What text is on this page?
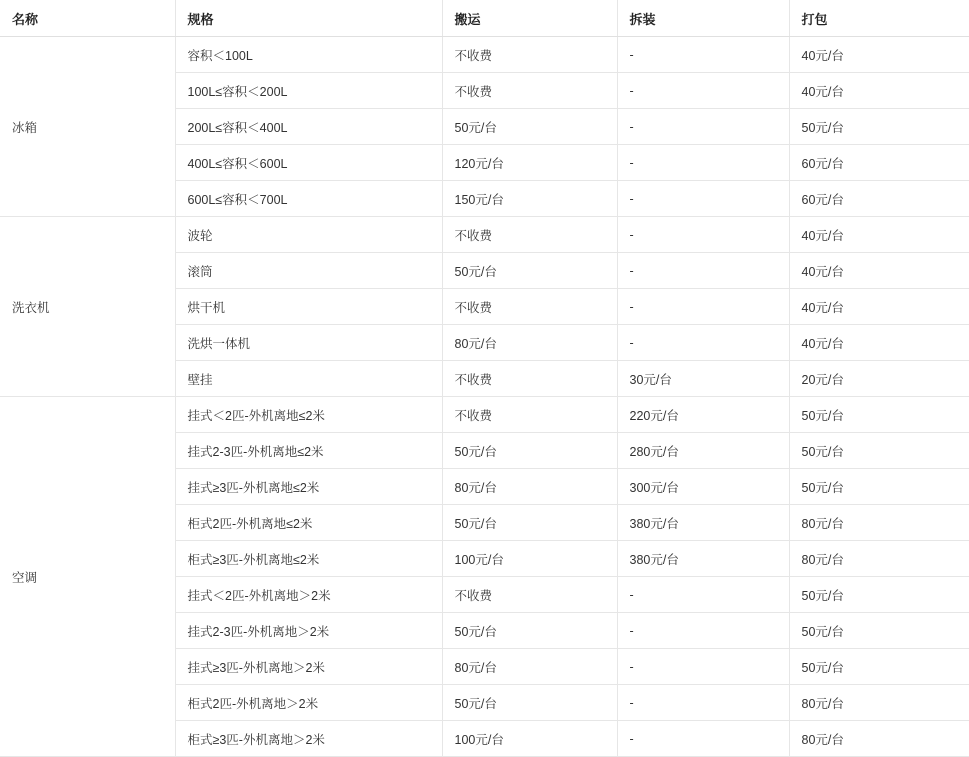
名称	规格	搬运	拆装	打包
冰箱	容积＜100L	不收费	-	40元/台
	100L≤容积＜200L	不收费	-	40元/台
	200L≤容积＜400L	50元/台	-	50元/台
	400L≤容积＜600L	120元/台	-	60元/台
	600L≤容积＜700L	150元/台	-	60元/台
洗衣机	波轮	不收费	-	40元/台
	滚筒	50元/台	-	40元/台
	烘干机	不收费	-	40元/台
	洗烘一体机	80元/台	-	40元/台
	壁挂	不收费	30元/台	20元/台
空调	挂式＜2匹-外机离地≤2米	不收费	220元/台	50元/台
	挂式2-3匹-外机离地≤2米	50元/台	280元/台	50元/台
	挂式≥3匹-外机离地≤2米	80元/台	300元/台	50元/台
	柜式2匹-外机离地≤2米	50元/台	380元/台	80元/台
	柜式≥3匹-外机离地≤2米	100元/台	380元/台	80元/台
	挂式＜2匹-外机离地＞2米	不收费	-	50元/台
	挂式2-3匹-外机离地＞2米	50元/台	-	50元/台
	挂式≥3匹-外机离地＞2米	80元/台	-	50元/台
	柜式2匹-外机离地＞2米	50元/台	-	80元/台
	柜式≥3匹-外机离地＞2米	100元/台	-	80元/台
